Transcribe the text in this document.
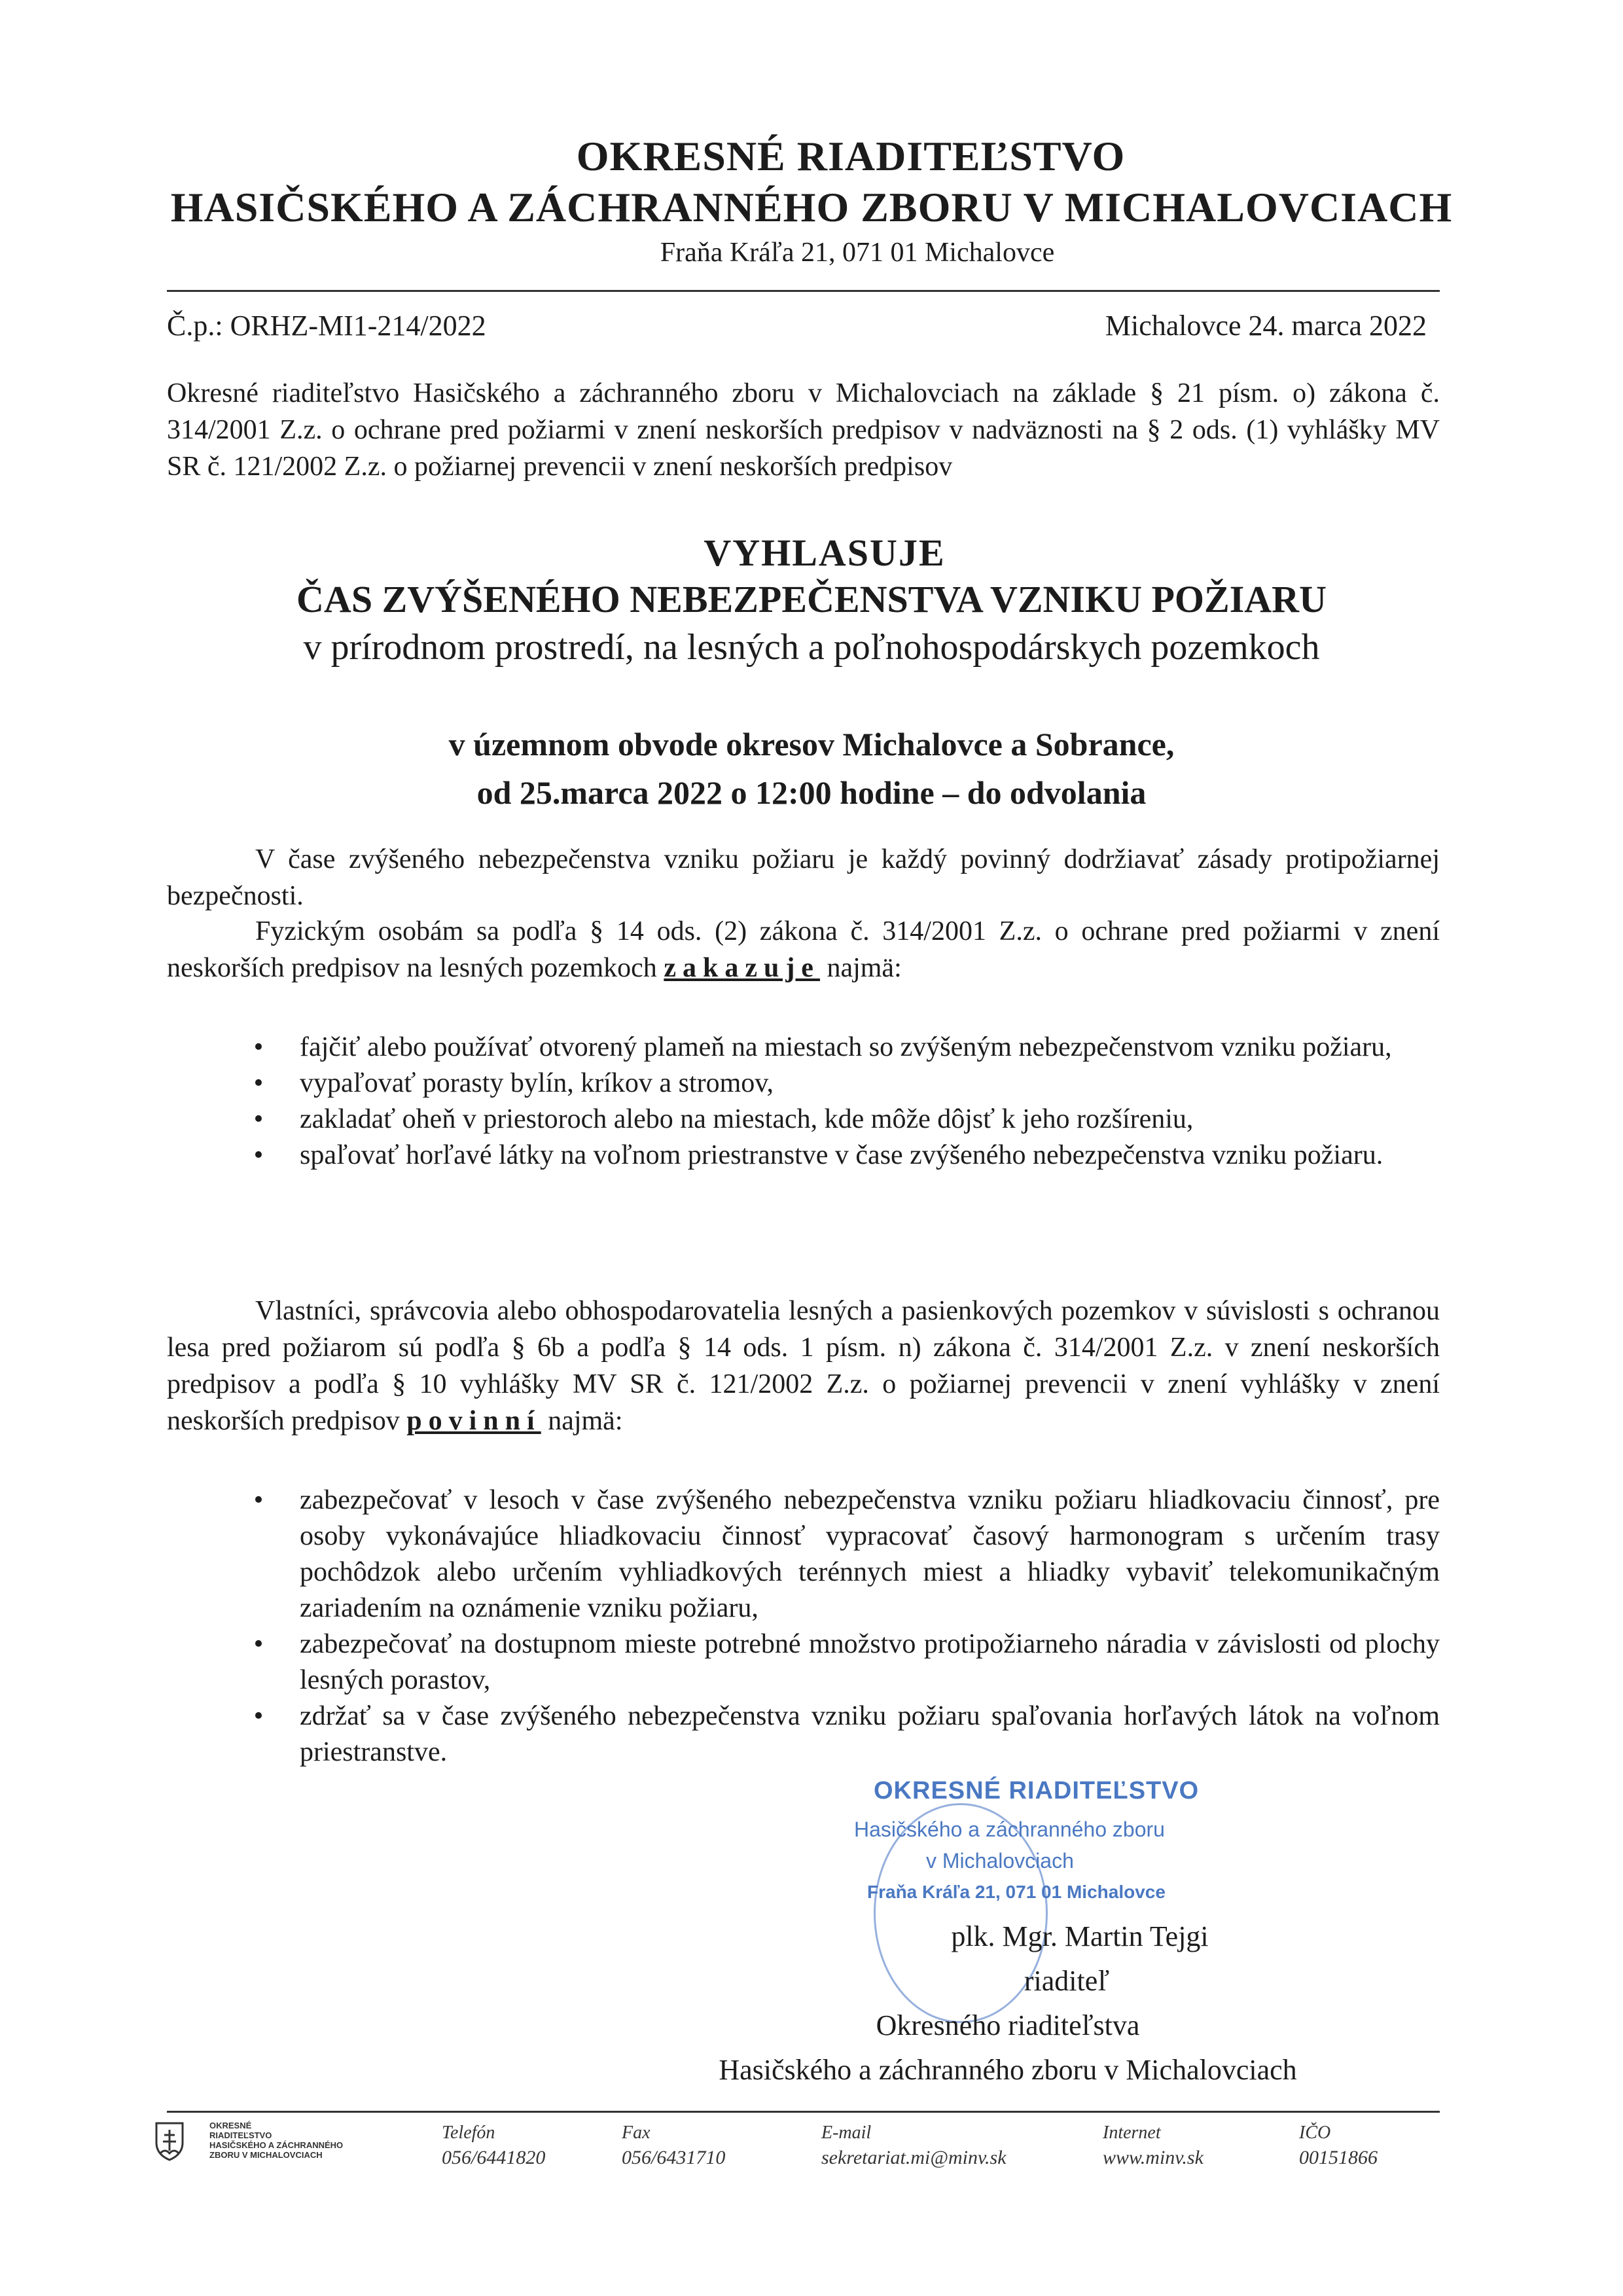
OKRESNÉ RIADITEĽSTVO
HASIČSKÉHO A ZÁCHRANNÉHO ZBORU V MICHALOVCIACH
Fraňa Kráľa 21, 071 01 Michalovce
Č.p.: ORHZ-MI1-214/2022	Michalovce 24. marca 2022
Okresné riaditeľstvo Hasičského a záchranného zboru v Michalovciach na základe § 21 písm. o) zákona č. 314/2001 Z.z. o ochrane pred požiarmi v znení neskorších predpisov v nadväznosti na § 2 ods. (1) vyhlášky MV SR č. 121/2002 Z.z. o požiarnej prevencii v znení neskorších predpisov
VYHLASUJE
ČAS ZVÝŠENÉHO NEBEZPEČENSTVA VZNIKU POŽIARU
v prírodnom prostredí, na lesných a poľnohospodárskych pozemkoch
v územnom obvode okresov Michalovce a Sobrance,
od 25.marca 2022 o 12:00 hodine – do odvolania
V čase zvýšeného nebezpečenstva vzniku požiaru je každý povinný dodržiavať zásady protipožiarnej bezpečnosti.
Fyzickým osobám sa podľa § 14 ods. (2) zákona č. 314/2001 Z.z. o ochrane pred požiarmi v znení neskorších predpisov na lesných pozemkoch zakazuje najmä:
• fajčiť alebo používať otvorený plameň na miestach so zvýšeným nebezpečenstvom vzniku požiaru,
• vypaľovať porasty bylín, kríkov a stromov,
• zakladať oheň v priestoroch alebo na miestach, kde môže dôjsť k jeho rozšíreniu,
• spaľovať horľavé látky na voľnom priestranstve v čase zvýšeného nebezpečenstva vzniku požiaru.
Vlastníci, správcovia alebo obhospodarovatelia lesných a pasienkových pozemkov v súvislosti s ochranou lesa pred požiarom sú podľa § 6b a podľa § 14 ods. 1 písm. n) zákona č. 314/2001 Z.z. v znení neskorších predpisov a podľa § 10 vyhlášky MV SR č. 121/2002 Z.z. o požiarnej prevencii v znení vyhlášky v znení neskorších predpisov povinní najmä:
• zabezpečovať v lesoch v čase zvýšeného nebezpečenstva vzniku požiaru hliadkovaciu činnosť, pre osoby vykonávajúce hliadkovaciu činnosť vypracovať časový harmonogram s určením trasy pochôdzok alebo určením vyhliadkových terénnych miest a hliadky vybaviť telekomunikačným zariadením na oznámenie vzniku požiaru,
• zabezpečovať na dostupnom mieste potrebné množstvo protipožiarneho náradia v závislosti od plochy lesných porastov,
• zdržať sa v čase zvýšeného nebezpečenstva vzniku požiaru spaľovania horľavých látok na voľnom priestranstve.
OKRESNÉ RIADITEĽSTVO
Hasičského a záchranného zboru
v Michalovciach
Fraňa Kráľa 21, 071 01 Michalovce
plk. Mgr. Martin Tejgi
riaditeľ
Okresného riaditeľstva
Hasičského a záchranného zboru v Michalovciach
OKRESNÉ
RIADITEĽSTVO
HASIČSKÉHO A ZÁCHRANNÉHO
ZBORU V MICHALOVCIACH
Telefón
056/6441820
Fax
056/6431710
E-mail
sekretariat.mi@minv.sk
Internet
www.minv.sk
IČO
00151866
